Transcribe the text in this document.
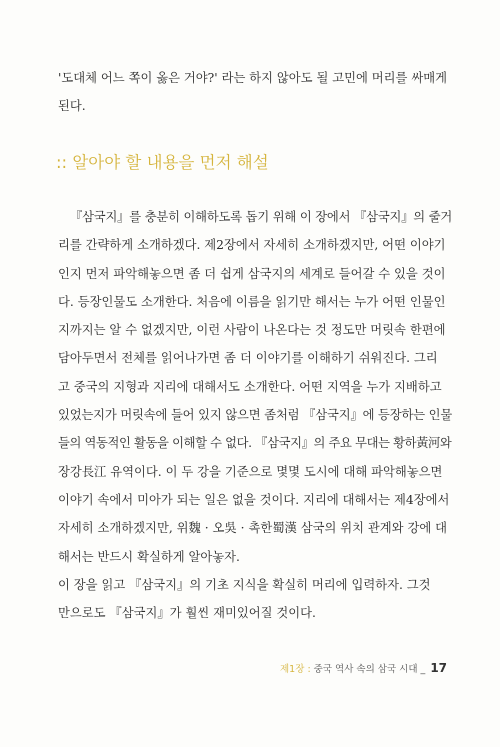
'도대체 어느 쪽이 옳은 거야?' 라는 하지 않아도 될 고민에 머리를 싸매게
된다.
:: 알아야 할 내용을 먼저 해설
『삼국지』를 충분히 이해하도록 돕기 위해 이 장에서 『삼국지』의 줄거
리를 간략하게 소개하겠다. 제2장에서 자세히 소개하겠지만, 어떤 이야기
인지 먼저 파악해놓으면 좀 더 쉽게 삼국지의 세계로 들어갈 수 있을 것이
다. 등장인물도 소개한다. 처음에 이름을 읽기만 해서는 누가 어떤 인물인
지까지는 알 수 없겠지만, 이런 사람이 나온다는 것 정도만 머릿속 한편에
담아두면서 전체를 읽어나가면 좀 더 이야기를 이해하기 쉬워진다. 그리
고 중국의 지형과 지리에 대해서도 소개한다. 어떤 지역을 누가 지배하고
있었는지가 머릿속에 들어 있지 않으면 좀처럼 『삼국지』에 등장하는 인물
들의 역동적인 활동을 이해할 수 없다. 『삼국지』의 주요 무대는 황하黃河와
장강長江 유역이다. 이 두 강을 기준으로 몇몇 도시에 대해 파악해놓으면
이야기 속에서 미아가 되는 일은 없을 것이다. 지리에 대해서는 제4장에서
자세히 소개하겠지만, 위魏 · 오吳 · 촉한蜀漢 삼국의 위치 관계와 강에 대
해서는 반드시 확실하게 알아놓자.
이 장을 읽고 『삼국지』의 기초 지식을 확실히 머리에 입력하자. 그것
만으로도 『삼국지』가 훨씬 재미있어질 것이다.
제1장 : 중국 역사 속의 삼국 시대 _ 17
